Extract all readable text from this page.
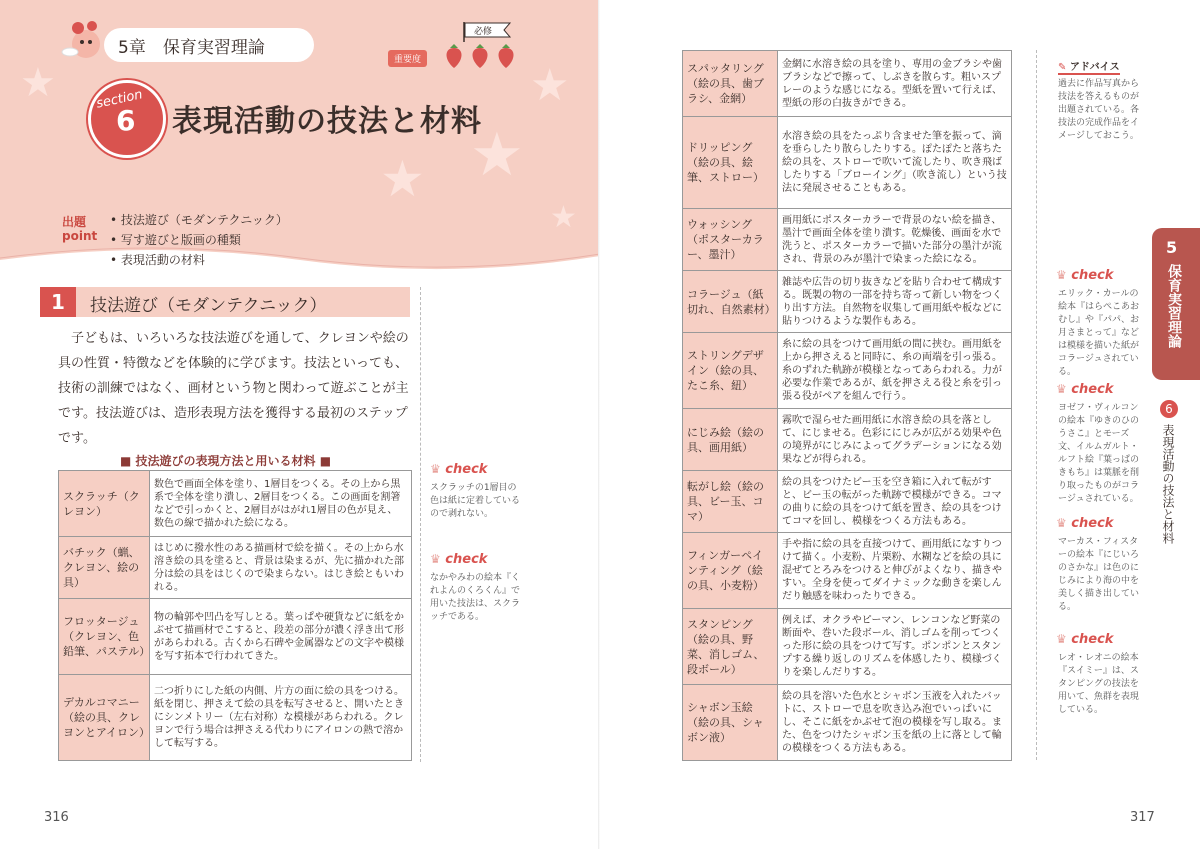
★
★ ★
★
★
5章　保育実習理論
重要度
必修
section
6 表現活動の技法と材料
出題
point
• 技法遊び（モダンテクニック）
• 写す遊びと版画の種類
• 表現活動の材料
1	技法遊び（モダンテクニック）

子どもは、いろいろな技法遊びを通して、クレヨンや絵の具の性質・特徴などを体験的に学びます。技法といっても、技術の訓練ではなく、画材という物と関わって遊ぶことが主です。技法遊びは、造形表現方法を獲得する最初のステップです。

■ 技法遊びの表現方法と用いる材料 ■
スクラッチ（クレヨン）	数色で画面全体を塗り、1層目をつくる。その上から黒系で全体を塗り潰し、2層目をつくる。この画面を割箸などで引っかくと、2層目がはがれ1層目の色が見え、数色の線で描かれた絵になる。
バチック（蝋、クレヨン、絵の具）	はじめに撥水性のある描画材で絵を描く。その上から水溶き絵の具を塗ると、背景は染まるが、先に描かれた部分は絵の具をはじくので染まらない。はじき絵ともいわれる。
フロッタージュ（クレヨン、色鉛筆、パステル）	物の輪郭や凹凸を写しとる。葉っぱや硬貨などに紙をかぶせて描画材でこすると、段差の部分が濃く浮き出て形があらわれる。古くから石碑や金属器などの文字や模様を写す拓本で行われてきた。
デカルコマニー（絵の具、クレヨンとアイロン）	二つ折りにした紙の内側、片方の面に絵の具をつける。紙を閉じ、押さえて絵の具を転写させると、開いたときにシンメトリー（左右対称）な模様があらわれる。クレヨンで行う場合は押さえる代わりにアイロンの熱で溶かして転写する。
♛ check
スクラッチの1層目の色は紙に定着しているので剥れない。
♛ check
なかやみわの絵本『くれよんのくろくん』で用いた技法は、スクラッチである。
316
スパッタリング（絵の具、歯ブラシ、金網）	金網に水溶き絵の具を塗り、専用の金ブラシや歯ブラシなどで擦って、しぶきを散らす。粗いスプレーのような感じになる。型紙を置いて行えば、型紙の形の白抜きができる。
ドリッピング（絵の具、絵筆、ストロー）	水溶き絵の具をたっぷり含ませた筆を振って、滴を垂らしたり散らしたりする。ぽたぽたと落ちた絵の具を、ストローで吹いて流したり、吹き飛ばしたりする「ブローイング」（吹き流し）という技法に発展させることもある。
ウォッシング（ポスターカラー、墨汁）	画用紙にポスターカラーで背景のない絵を描き、墨汁で画面全体を塗り潰す。乾燥後、画面を水で洗うと、ポスターカラーで描いた部分の墨汁が流され、背景のみが墨汁で染まった絵になる。
コラージュ（紙切れ、自然素材）	雑誌や広告の切り抜きなどを貼り合わせて構成する。既製の物の一部を持ち寄って新しい物をつくり出す方法。自然物を収集して画用紙や板などに貼りつけるような製作もある。
ストリングデザイン（絵の具、たこ糸、紐）	糸に絵の具をつけて画用紙の間に挟む。画用紙を上から押さえると同時に、糸の両端を引っ張る。糸のずれた軌跡が模様となってあらわれる。力が必要な作業であるが、紙を押さえる役と糸を引っ張る役がペアを組んで行う。
にじみ絵（絵の具、画用紙）	霧吹で湿らせた画用紙に水溶き絵の具を落として、にじませる。色彩ににじみが広がる効果や色の境界がにじみによってグラデーションになる効果などが得られる。
転がし絵（絵の具、ビー玉、コマ）	絵の具をつけたビー玉を空き箱に入れて転がすと、ビー玉の転がった軌跡で模様ができる。コマの曲りに絵の具をつけて紙を置き、絵の具をつけてコマを回し、模様をつくる方法もある。
フィンガーペインティング（絵の具、小麦粉）	手や指に絵の具を直接つけて、画用紙になすりつけて描く。小麦粉、片栗粉、水糊などを絵の具に混ぜてとろみをつけると伸びがよくなり、描きやすい。全身を使ってダイナミックな動きを楽しんだり触感を味わったりできる。
スタンピング（絵の具、野菜、消しゴム、段ボール）	例えば、オクラやピーマン、レンコンなど野菜の断面や、巻いた段ボール、消しゴムを削ってつくった形に絵の具をつけて写す。ポンポンとスタンプする繰り返しのリズムを体感したり、模様づくりを楽しんだりする。
シャボン玉絵（絵の具、シャボン液）	絵の具を溶いた色水とシャボン玉液を入れたバットに、ストローで息を吹き込み泡でいっぱいにし、そこに紙をかぶせて泡の模様を写し取る。また、色をつけたシャボン玉を紙の上に落として輪の模様をつくる方法もある。
✎ アドバイス
過去に作品写真から技法を答えるものが出題されている。各技法の完成作品をイメージしておこう。
♛ check
エリック・カールの絵本『はらぺこあおむし』や『パパ、お月さまとって』などは模様を描いた紙がコラージュされている。
♛ check
ヨゼフ・ヴィルコンの絵本『ゆきのひのうさこ』とモーズ文、イルムガルト・ルフト絵『葉っぱのきもち』は葉脈を削り取ったものがコラージュされている。
♛ check
マーカス・フィスターの絵本『にじいろのさかな』は色のにじみにより海の中を美しく描き出している。
♛ check
レオ・レオニの絵本『スイミー』は、スタンピングの技法を用いて、魚群を表現している。
5
保育実習理論
6
表現活動の技法と材料
317
